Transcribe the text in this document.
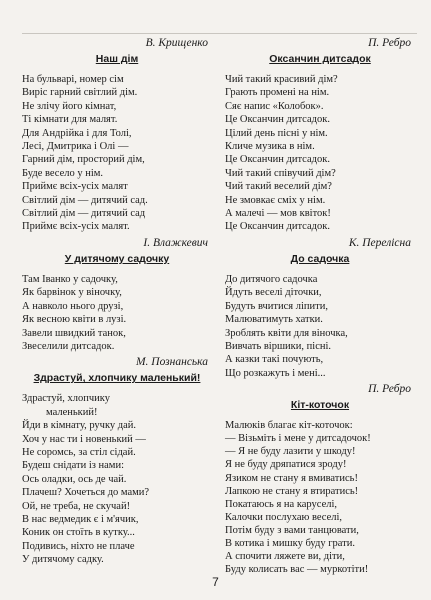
В. Крищенко
Наш дім
На бульварі, номер сім
Виріс гарний світлий дім.
Не злічу його кімнат,
Ті кімнати для малят.
Для Андрійка і для Толі,
Лесі, Дмитрика і Олі —
Гарний дім, просторий дім,
Буде весело у нім.
Приймє всіх-усіх малят
Світлий дім — дитячий сад.
Світлий дім — дитячий сад
Приймє всіх-усіх малят.
І. Влажкевич
У дитячому садочку
Там Іванко у садочку,
Як барвінок у віночку,
А навколо нього друзі,
Як весною квіти в лузі.
Завели швидкий танок,
Звеселили дитсадок.
М. Познанська
Здрастуй, хлопчику маленький!
Здрастуй, хлопчику
маленький!
Йди в кімнату, ручку дай.
Хоч у нас ти і новенький —
Не соромсь, за стіл сідай.
Будеш снідати із нами:
Ось оладки, ось де чай.
Плачеш? Хочеться до мами?
Ой, не треба, не скучай!
В нас ведмедик є і м'ячик,
Коник он стоїть в кутку...
Подивись, ніхто не плаче
У дитячому садку.
П. Ребро
Оксанчин дитсадок
Чий такий красивий дім?
Грають промені на нім.
Сяє напис «Колобок».
Це Оксанчин дитсадок.
Цілий день пісні у нім.
Кличе музика в нім.
Це Оксанчин дитсадок.
Чий такий співучий дім?
Чий такий веселий дім?
Не змовкає сміх у нім.
А малечі — мов квіток!
Це Оксанчин дитсадок.
К. Перелісна
До садочка
До дитячого садочка
Йдуть веселі діточки,
Будуть вчитися ліпити,
Малюватимуть хатки.
Зроблять квіти для віночка,
Вивчать віршики, пісні.
А казки такі почують,
Що розкажуть і мені...
П. Ребро
Кіт-коточок
Малюків благає кіт-коточок:
— Візьміть і мене у дитсадочок!
— Я не буду лазити у шкоду!
Я не буду дряпатися зроду!
Язиком не стану я вмиватись!
Лапкою не стану я втиратись!
Покатаюсь я на каруселі,
Калочки послухаю веселі,
Потім буду з вами танцювати,
В котика і мишку буду грати.
А спочити ляжете ви, діти,
Буду колисать вас — муркотіти!
7
